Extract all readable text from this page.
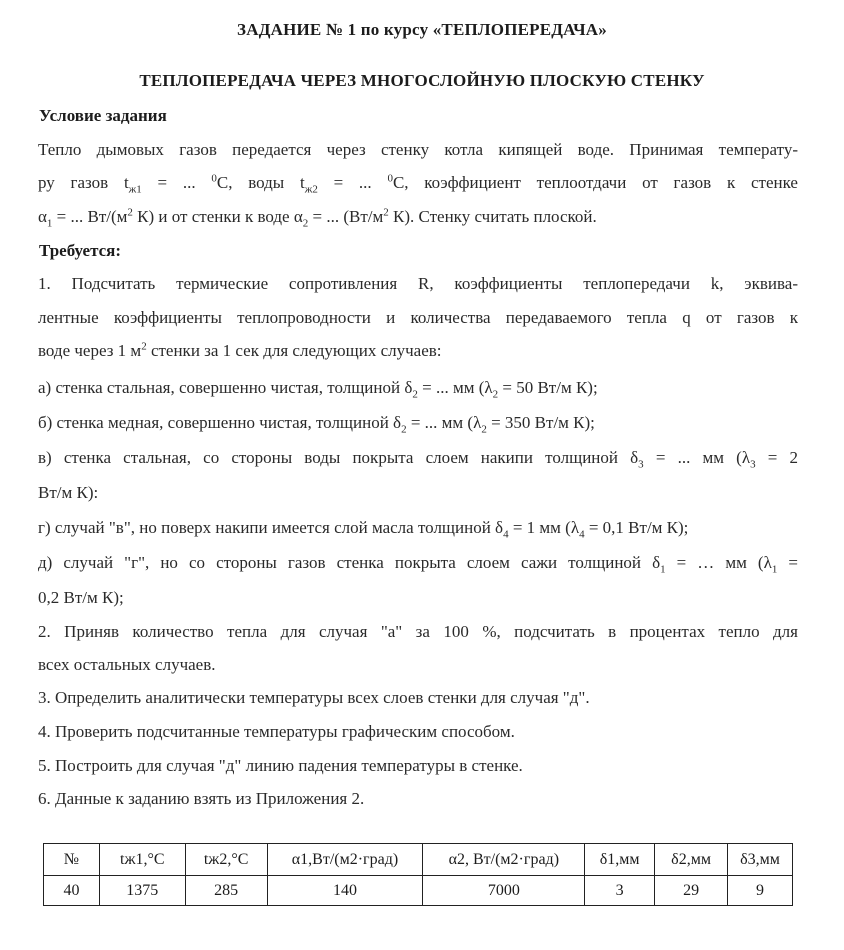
ЗАДАНИЕ № 1 по курсу «ТЕПЛОПЕРЕДАЧА»
ТЕПЛОПЕРЕДАЧА ЧЕРЕЗ МНОГОСЛОЙНУЮ ПЛОСКУЮ СТЕНКУ
Условие задания
Тепло дымовых газов передается через стенку котла кипящей воде. Принимая температу-
ру газов $t_{ж1}$ = ... $^0$С, воды $t_{ж2}$ = ... $^0$С, коэффициент теплоотдачи от газов к стенке
$\alpha_1$ = ... $Вт/(м^2$ К) и от стенки к воде $\alpha_2$ = ... ($Вт/м^2$ К). Стенку считать плоской.
Требуется:
1. Подсчитать термические сопротивления R, коэффициенты теплопередачи k, эквива-
лентные коэффициенты теплопроводности и количества передаваемого тепла q от газов к
воде через 1 $м^2$ стенки за 1 сек для следующих случаев:
а) стенка стальная, совершенно чистая, толщиной $\delta_2$ = ... мм ($\lambda_2 = 50$ Вт/м К);
б) стенка медная, совершенно чистая, толщиной $\delta_2$ = ... мм ($\lambda_2 = 350$ Вт/м К);
в) стенка стальная, со стороны воды покрыта слоем накипи толщиной $\delta_3$ = ... мм ($\lambda_3 = 2$
Вт/м К):
г) случай "в", но поверх накипи имеется слой масла толщиной $\delta_4 = 1$ мм ($\lambda_4 = 0,1$ Вт/м К);
д) случай "г", но со стороны газов стенка покрыта слоем сажи толщиной $\delta_1$ = … мм ($\lambda_1$ =
0,2 Вт/м К);
2. Приняв количество тепла для случая "а" за 100 %, подсчитать в процентах тепло для
всех остальных случаев.
3. Определить аналитически температуры всех слоев стенки для случая "д".
4. Проверить подсчитанные температуры графическим способом.
5. Построить для случая "д" линию падения температуры в стенке.
6. Данные к заданию взять из Приложения 2.
№	tж1,°C	tж2,°C	α1,Вт/(м2·град)	α2, Вт/(м2·град)	δ1,мм	δ2,мм	δ3,мм
40	1375	285	140	7000	3	29	9
